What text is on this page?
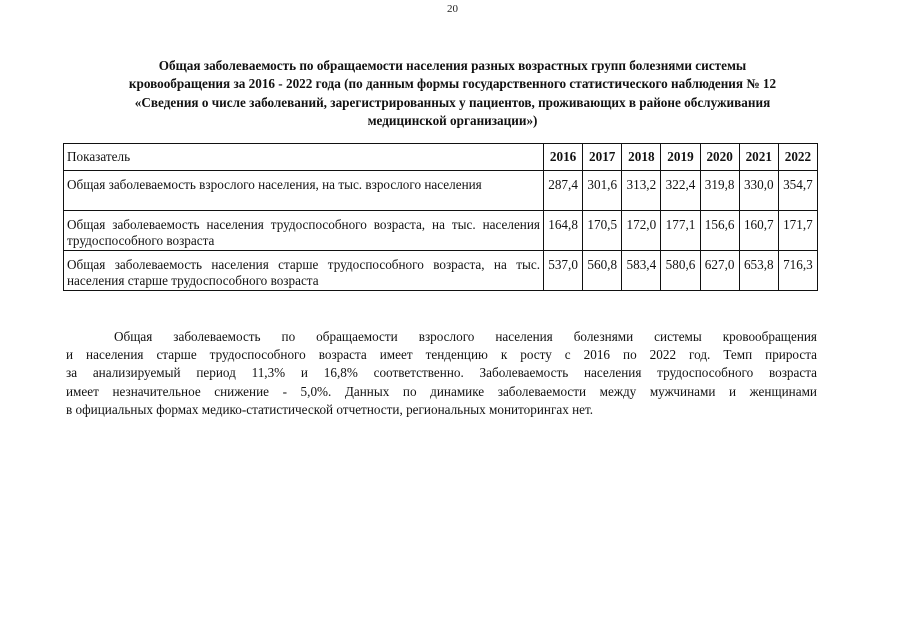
20
Общая заболеваемость по обращаемости населения разных возрастных групп болезнями системы
кровообращения за 2016 - 2022 года (по данным формы государственного статистического наблюдения № 12
«Сведения о числе заболеваний, зарегистрированных у пациентов, проживающих в районе обслуживания
медицинской организации»)
Показатель	2016	2017	2018	2019	2020	2021	2022
Общая заболеваемость взрослого населения, на тыс. взрослого населения	287,4	301,6	313,2	322,4	319,8	330,0	354,7
Общая заболеваемость населения трудоспособного возраста, на тыс. населения трудоспособного возраста	164,8	170,5	172,0	177,1	156,6	160,7	171,7
Общая заболеваемость населения старше трудоспособного возраста, на тыс. населения старше трудоспособного возраста	537,0	560,8	583,4	580,6	627,0	653,8	716,3
Общая заболеваемость по обращаемости взрослого населения болезнями системы кровообращения
и населения старше трудоспособного возраста имеет тенденцию к росту с 2016 по 2022 год. Темп прироста
за анализируемый период 11,3% и 16,8% соответственно. Заболеваемость населения трудоспособного возраста
имеет незначительное снижение - 5,0%. Данных по динамике заболеваемости между мужчинами и женщинами
в официальных формах медико-статистической отчетности, региональных мониторингах нет.
